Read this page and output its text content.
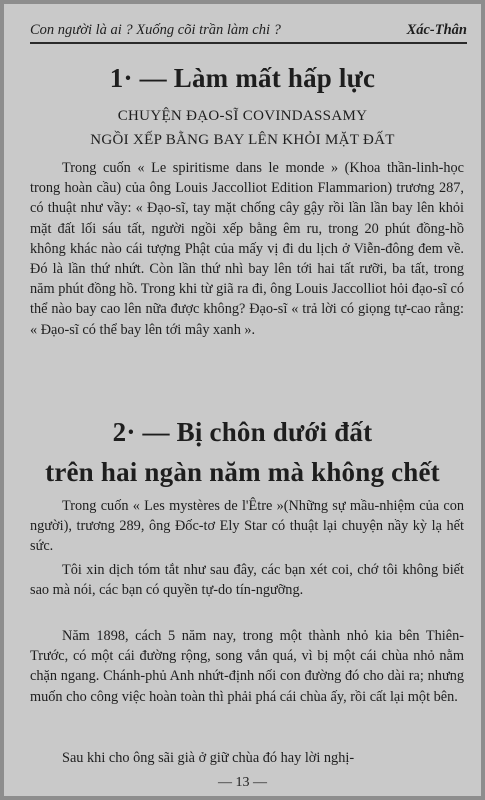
Con người là ai ? Xuống cõi trần làm chi ?	Xác-Thân
1· — Làm mất hấp lực
CHUYỆN ĐẠO-SĨ COVINDASSAMY
NGỒI XẾP BẰNG BAY LÊN KHỎI MẶT ĐẤT

Trong cuốn « Le spiritisme dans le monde » (Khoa thần-linh-học trong hoàn cầu) của ông Louis Jaccolliot Edition Flammarion) trương 287, có thuật như vầy: « Đạo-sĩ, tay mặt chống cây gậy rồi lần lần bay lên khỏi mặt đất lối sáu tất, người ngồi xếp bằng êm ru, trong 20 phút đồng-hồ không khác nào cái tượng Phật của mấy vị đi du lịch ở Viễn-đông đem về. Đó là lần thứ nhứt. Còn lần thứ nhì bay lên tới hai tất rưỡi, ba tất, trong năm phút đồng hồ. Trong khi từ giã ra đi, ông Louis Jaccolliot hỏi đạo-sĩ có thể nào bay cao lên nữa được không? Đạo-sĩ « trả lời có giọng tự-cao rằng: « Đạo-sĩ có thể bay lên tới mây xanh ».

2· — Bị chôn dưới đất
trên hai ngàn năm mà không chết

Trong cuốn « Les mystères de l'Être »(Những sự mầu-nhiệm của con người), trương 289, ông Đốc-tơ Ely Star có thuật lại chuyện nầy kỳ lạ hết sức.

Tôi xin dịch tóm tắt như sau đây, các bạn xét coi, chớ tôi không biết sao mà nói, các bạn có quyền tự-do tín-ngưỡng.

Năm 1898, cách 5 năm nay, trong một thành nhỏ kia bên Thiên-Trước, có một cái đường rộng, song vắn quá, vì bị một cái chùa nhỏ nằm chặn ngang. Chánh-phủ Anh nhứt-định nối con đường đó cho dài ra; nhưng muốn cho công việc hoàn toàn thì phải phá cái chùa ấy, rồi cất lại một bên.

Sau khi cho ông sãi già ở giữ chùa đó hay lời nghị-

— 13 —
